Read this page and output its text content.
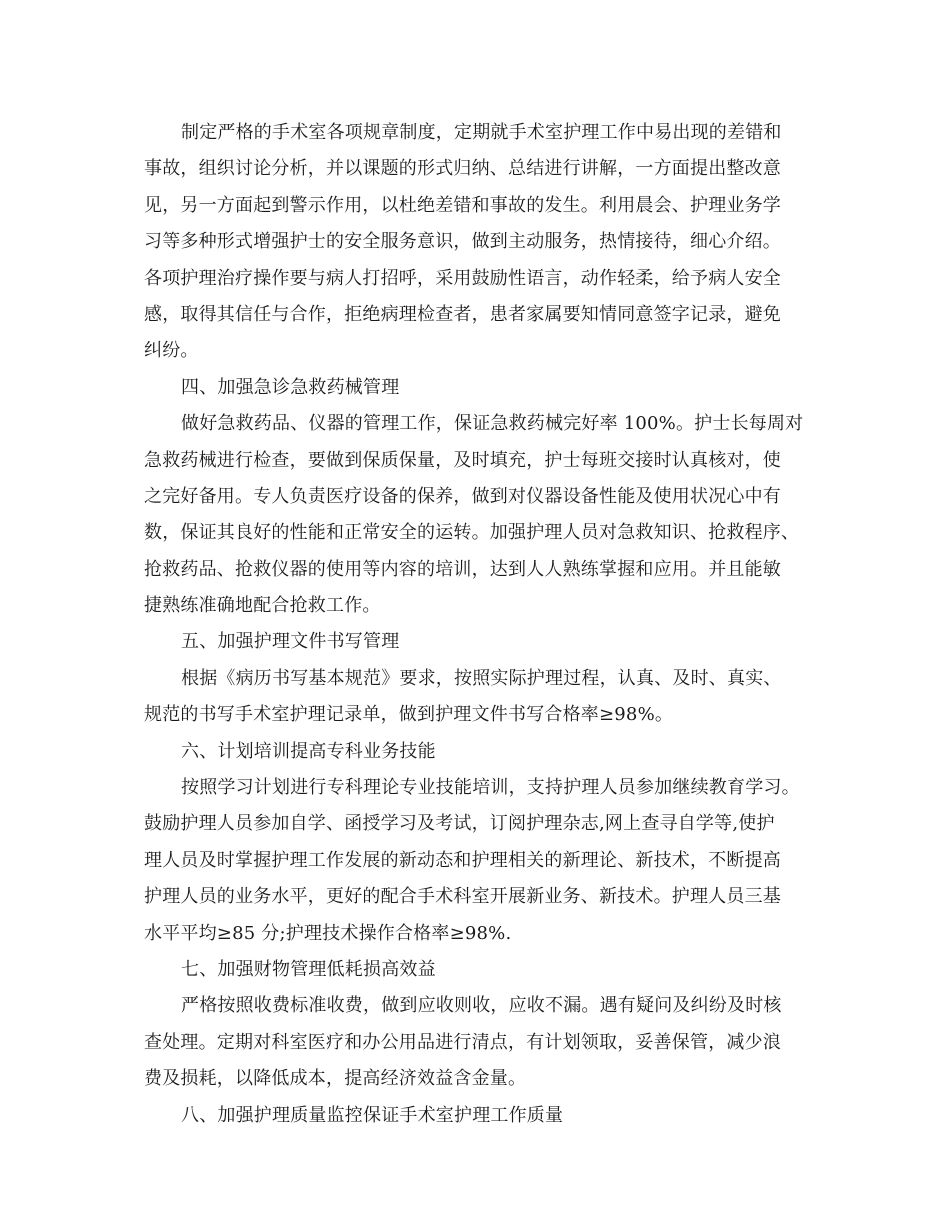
制定严格的手术室各项规章制度，定期就手术室护理工作中易出现的差错和
事故，组织讨论分析，并以课题的形式归纳、总结进行讲解，一方面提出整改意
见，另一方面起到警示作用，以杜绝差错和事故的发生。利用晨会、护理业务学
习等多种形式增强护士的安全服务意识，做到主动服务，热情接待，细心介绍。
各项护理治疗操作要与病人打招呼，采用鼓励性语言，动作轻柔，给予病人安全
感，取得其信任与合作，拒绝病理检查者，患者家属要知情同意签字记录，避免
纠纷。
四、加强急诊急救药械管理
做好急救药品、仪器的管理工作，保证急救药械完好率 100%。护士长每周对
急救药械进行检查，要做到保质保量，及时填充，护士每班交接时认真核对，使
之完好备用。专人负责医疗设备的保养，做到对仪器设备性能及使用状况心中有
数，保证其良好的性能和正常安全的运转。加强护理人员对急救知识、抢救程序、
抢救药品、抢救仪器的使用等内容的培训，达到人人熟练掌握和应用。并且能敏
捷熟练准确地配合抢救工作。
五、加强护理文件书写管理
根据《病历书写基本规范》要求，按照实际护理过程，认真、及时、真实、
规范的书写手术室护理记录单，做到护理文件书写合格率≥98%。
六、计划培训提高专科业务技能
按照学习计划进行专科理论专业技能培训，支持护理人员参加继续教育学习。
鼓励护理人员参加自学、函授学习及考试，订阅护理杂志,网上查寻自学等,使护
理人员及时掌握护理工作发展的新动态和护理相关的新理论、新技术，不断提高
护理人员的业务水平，更好的配合手术科室开展新业务、新技术。护理人员三基
水平平均≥85 分;护理技术操作合格率≥98%.
七、加强财物管理低耗损高效益
严格按照收费标准收费，做到应收则收，应收不漏。遇有疑问及纠纷及时核
查处理。定期对科室医疗和办公用品进行清点，有计划领取，妥善保管，减少浪
费及损耗，以降低成本，提高经济效益含金量。
八、加强护理质量监控保证手术室护理工作质量
